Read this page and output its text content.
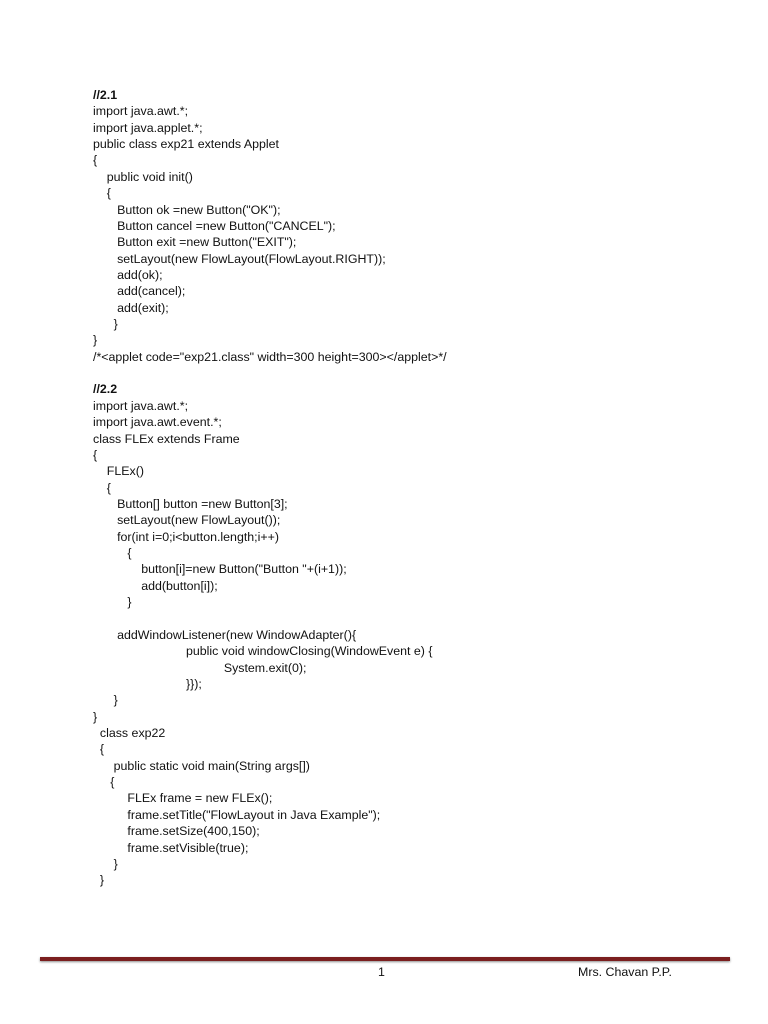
//2.1
import java.awt.*;
import java.applet.*;
public class exp21 extends Applet
{
public void init()
{
Button ok =new Button("OK");
Button cancel =new Button("CANCEL");
Button exit =new Button("EXIT");
setLayout(new FlowLayout(FlowLayout.RIGHT));
add(ok);
add(cancel);
add(exit);
}
}
/*<applet code="exp21.class" width=300 height=300></applet>*/
//2.2
import java.awt.*;
import java.awt.event.*;
class FLEx extends Frame
{
FLEx()
{
Button[] button =new Button[3];
setLayout(new FlowLayout());
for(int i=0;i<button.length;i++)
{
button[i]=new Button("Button "+(i+1));
add(button[i]);
}
addWindowListener(new WindowAdapter(){
public void windowClosing(WindowEvent e) {
System.exit(0);
}});
}
}
class exp22
{
public static void main(String args[])
{
FLEx frame = new FLEx();
frame.setTitle("FlowLayout in Java Example");
frame.setSize(400,150);
frame.setVisible(true);
}
}
1	Mrs. Chavan P.P.
